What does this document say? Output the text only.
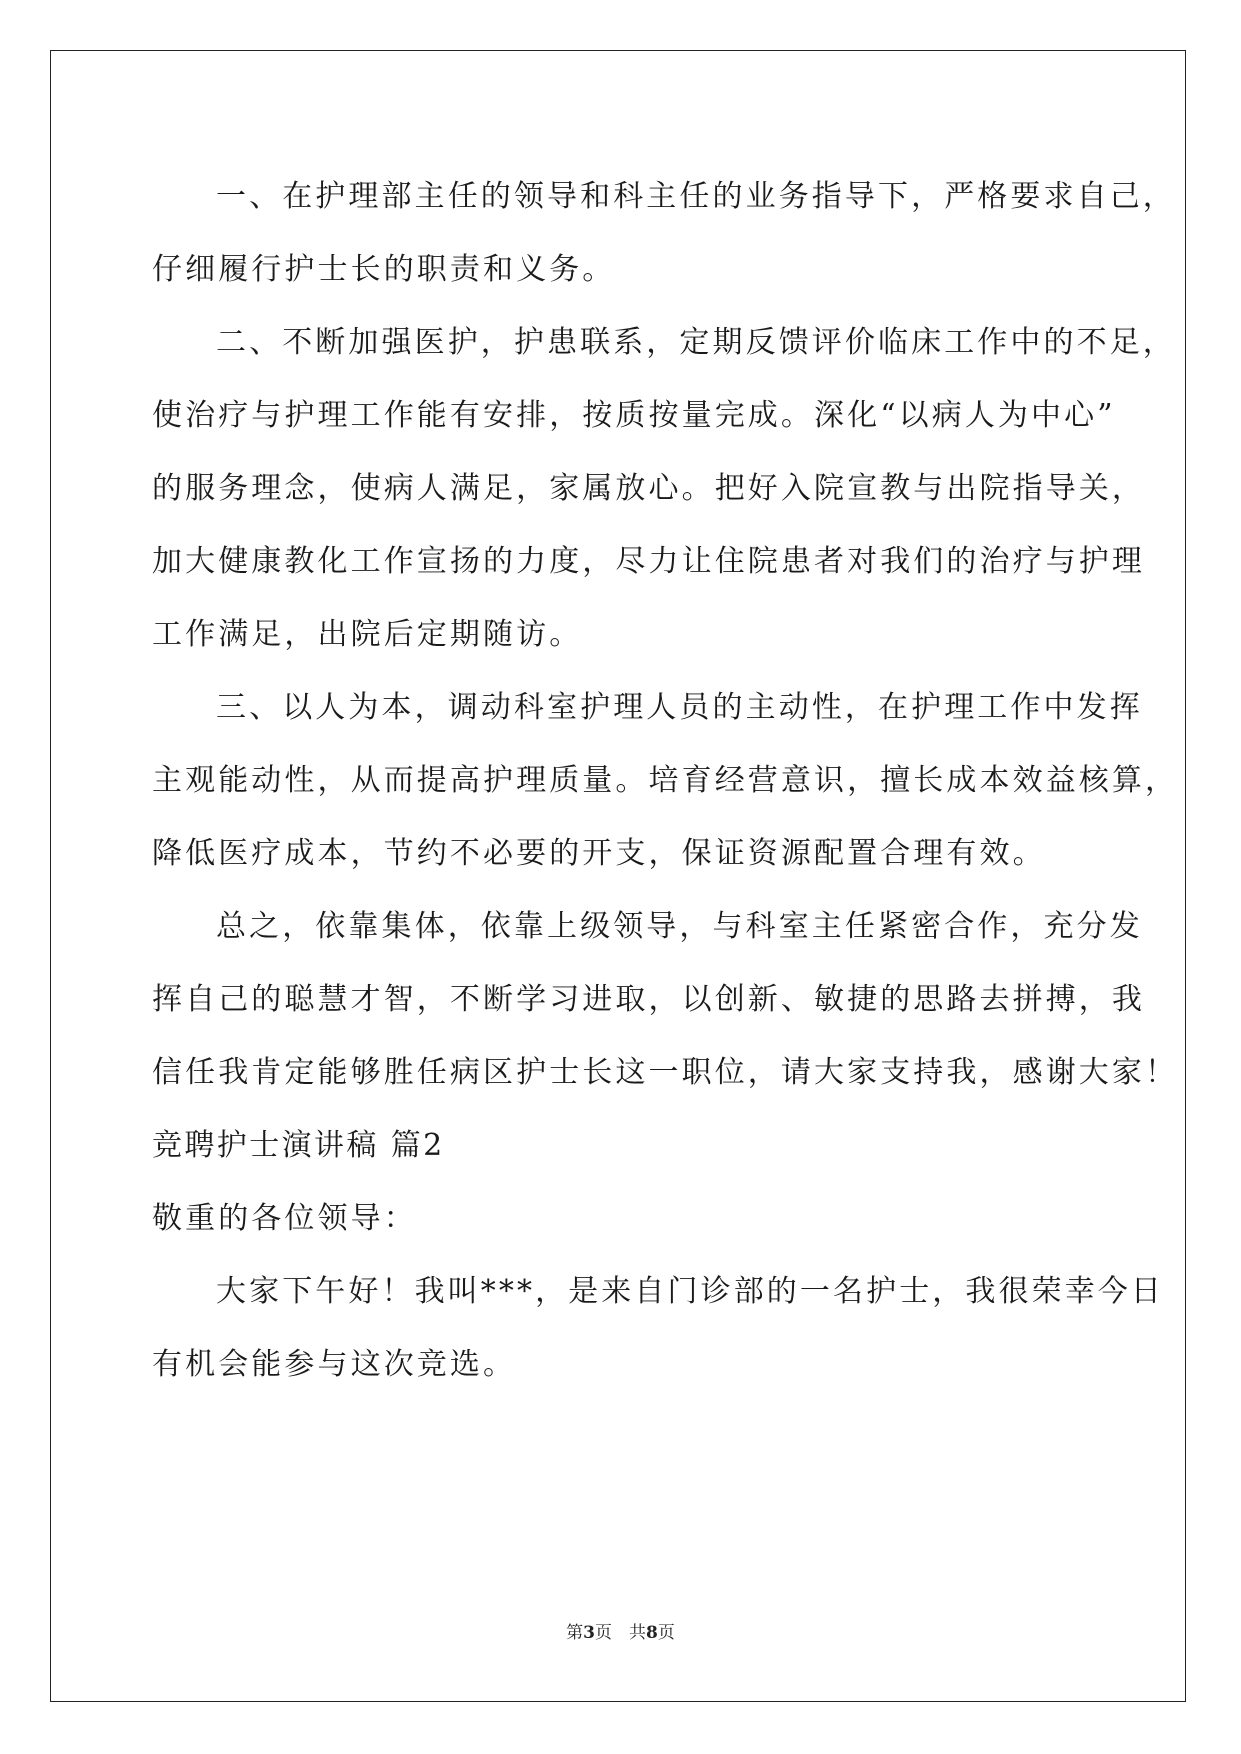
一、在护理部主任的领导和科主任的业务指导下，严格要求自己，
仔细履行护士长的职责和义务。
二、不断加强医护，护患联系，定期反馈评价临床工作中的不足，
使治疗与护理工作能有安排，按质按量完成。深化“以病人为中心”
的服务理念，使病人满足，家属放心。把好入院宣教与出院指导关，
加大健康教化工作宣扬的力度，尽力让住院患者对我们的治疗与护理
工作满足，出院后定期随访。
三、以人为本，调动科室护理人员的主动性，在护理工作中发挥
主观能动性，从而提高护理质量。培育经营意识，擅长成本效益核算，
降低医疗成本，节约不必要的开支，保证资源配置合理有效。
总之，依靠集体，依靠上级领导，与科室主任紧密合作，充分发
挥自己的聪慧才智，不断学习进取，以创新、敏捷的思路去拼搏，我
信任我肯定能够胜任病区护士长这一职位，请大家支持我，感谢大家！
竞聘护士演讲稿 篇2
敬重的各位领导：
大家下午好！我叫***，是来自门诊部的一名护士，我很荣幸今日
有机会能参与这次竞选。
第3页　共8页
